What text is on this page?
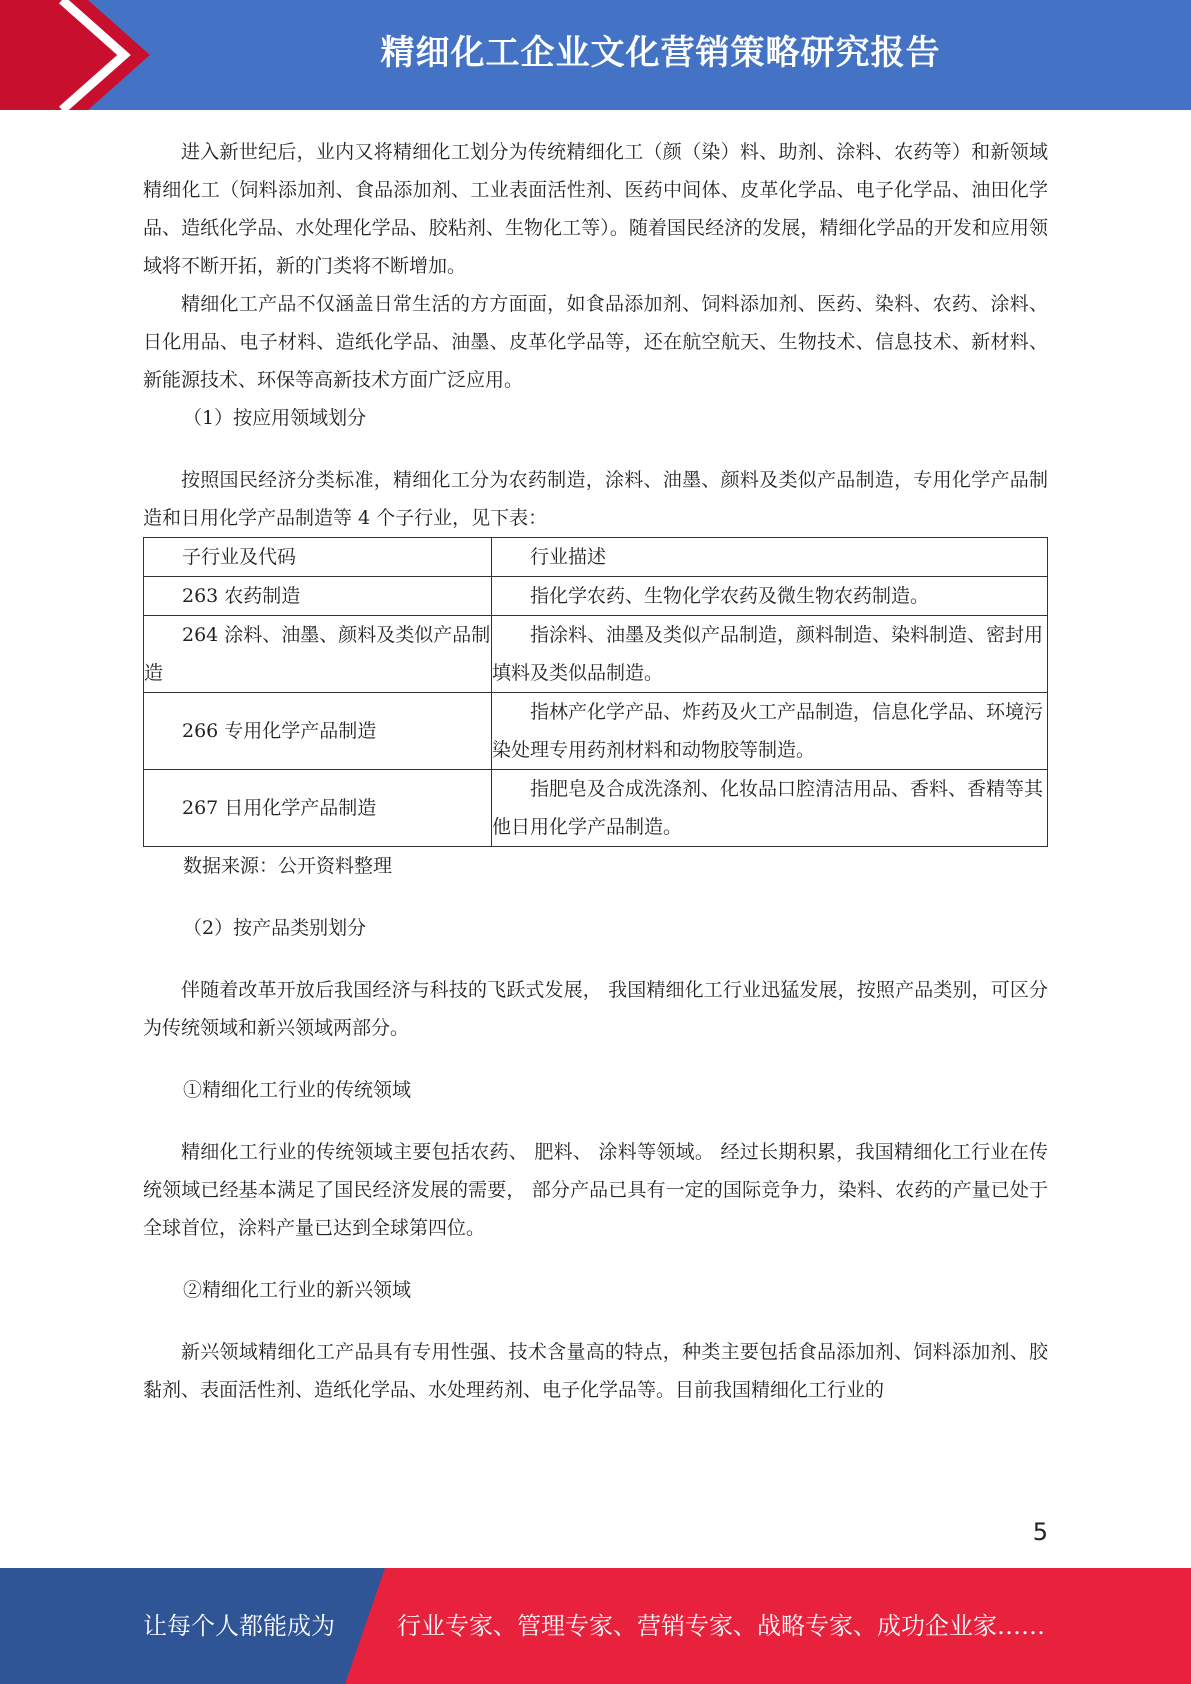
精细化工企业文化营销策略研究报告

进入新世纪后，业内又将精细化工划分为传统精细化工（颜（染）料、助剂、涂料、农药等）和新领域精细化工（饲料添加剂、食品添加剂、工业表面活性剂、医药中间体、皮革化学品、电子化学品、油田化学品、造纸化学品、水处理化学品、胶粘剂、生物化工等）。随着国民经济的发展，精细化学品的开发和应用领域将不断开拓，新的门类将不断增加。

精细化工产品不仅涵盖日常生活的方方面面，如食品添加剂、饲料添加剂、医药、染料、农药、涂料、日化用品、电子材料、造纸化学品、油墨、皮革化学品等，还在航空航天、生物技术、信息技术、新材料、新能源技术、环保等高新技术方面广泛应用。

（1）按应用领域划分

按照国民经济分类标准，精细化工分为农药制造，涂料、油墨、颜料及类似产品制造，专用化学产品制造和日用化学产品制造等 4 个子行业，见下表：

子行业及代码	行业描述
263 农药制造	指化学农药、生物化学农药及微生物农药制造。
264 涂料、油墨、颜料及类似产品制造	指涂料、油墨及类似产品制造，颜料制造、染料制造、密封用填料及类似品制造。
266 专用化学产品制造	指林产化学产品、炸药及火工产品制造，信息化学品、环境污染处理专用药剂材料和动物胶等制造。
267 日用化学产品制造	指肥皂及合成洗涤剂、化妆品口腔清洁用品、香料、香精等其他日用化学产品制造。
数据来源：公开资料整理
（2）按产品类别划分

伴随着改革开放后我国经济与科技的飞跃式发展， 我国精细化工行业迅猛发展，按照产品类别，可区分为传统领域和新兴领域两部分。

①精细化工行业的传统领域

精细化工行业的传统领域主要包括农药、 肥料、 涂料等领域。 经过长期积累，我国精细化工行业在传统领域已经基本满足了国民经济发展的需要， 部分产品已具有一定的国际竞争力，染料、农药的产量已处于全球首位，涂料产量已达到全球第四位。

②精细化工行业的新兴领域

新兴领域精细化工产品具有专用性强、技术含量高的特点，种类主要包括食品添加剂、饲料添加剂、胶黏剂、表面活性剂、造纸化学品、水处理药剂、电子化学品等。目前我国精细化工行业的

5
让每个人都能成为	行业专家、管理专家、营销专家、战略专家、成功企业家……
